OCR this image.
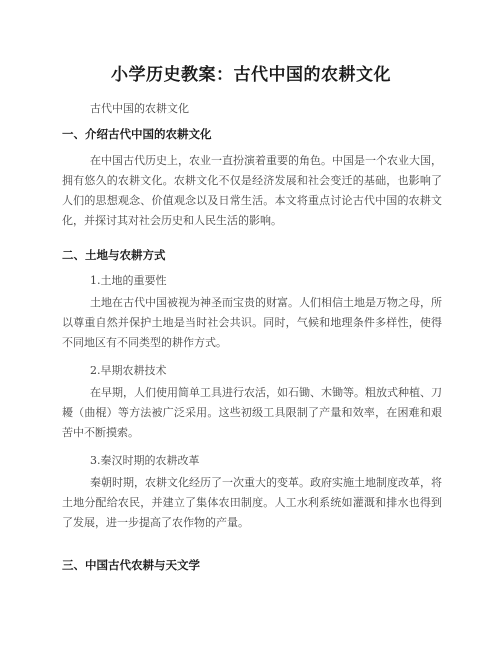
小学历史教案：古代中国的农耕文化
古代中国的农耕文化
一、介绍古代中国的农耕文化
在中国古代历史上，农业一直扮演着重要的角色。中国是一个农业大国，拥有悠久的农耕文化。农耕文化不仅是经济发展和社会变迁的基础，也影响了人们的思想观念、价值观念以及日常生活。本文将重点讨论古代中国的农耕文化，并探讨其对社会历史和人民生活的影响。
二、土地与农耕方式
1.土地的重要性
土地在古代中国被视为神圣而宝贵的财富。人们相信土地是万物之母，所以尊重自然并保护土地是当时社会共识。同时，气候和地理条件多样性，使得不同地区有不同类型的耕作方式。
2.早期农耕技术
在早期，人们使用简单工具进行农活，如石锄、木锄等。粗放式种植、刀耰（曲棍）等方法被广泛采用。这些初级工具限制了产量和效率，在困难和艰苦中不断摸索。
3.秦汉时期的农耕改革
秦朝时期，农耕文化经历了一次重大的变革。政府实施土地制度改革，将土地分配给农民，并建立了集体农田制度。人工水利系统如灌溉和排水也得到了发展，进一步提高了农作物的产量。
三、中国古代农耕与天文学
